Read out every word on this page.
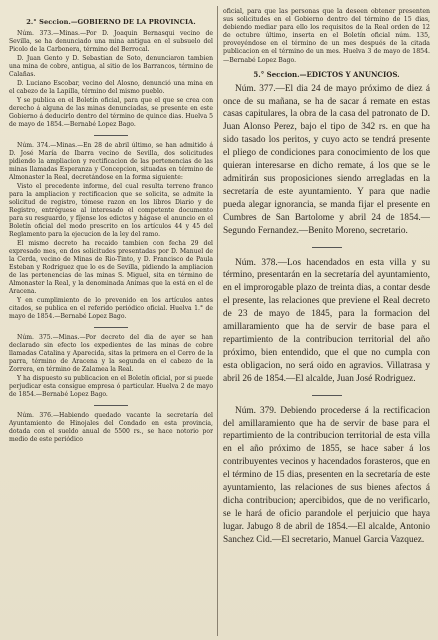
2.° Seccion.—GOBIERNO DE LA PROVINCIA.

Núm. 373.—Minas.—Por D. Joaquin Bernasqui vecino de Sevilla, se ha denunciado una mina antigua en el subsuelo del Picolo de la Carbonera, término del Berrocal.

D. Juan Gento y D. Sebastian de Soto, denunciaron tambien una mina de cobre, antigua, al sitio de los Barrancos, término de Calañas.

D. Luciano Escobar, vecino del Alosno, denunció una mina en el cabezo de la Lapilla, término del mismo pueblo.

Y se publica en el Boletín oficial, para que el que se crea con derecho á alguna de las minas denunciadas, se presente en este Gobierno á deducirlo dentro del término de quince dias. Huelva 5 de mayo de 1854.—Bernabé Lopez Bago.

Núm. 374.—Minas.—En 28 de abril último, se han admitido á D. José María de Ibarra vecino de Sevilla, dos solicitudes pidiendo la ampliacion y rectificacion de las pertenencias de las minas llamadas Esperanza y Concepcion, situadas en término de Almonaster la Real, decretándose en la forma siguiente:

Visto el precedente informe, del cual resulta terreno franco para la ampliacion y rectificacion que se solicita, se admite la solicitud de registro, tómese razon en los libros Diario y de Registro, entréguese al interesado el competente documento para su resguardo, y fíjense los edictos y hágase el anuncio en el Boletín oficial del modo prescrito en los artículos 44 y 45 del Reglamento para la ejecucion de la ley del ramo.

El mismo decreto ha recaido tambien con fecha 29 del expresado mes, en dos solicitudes presentadas por D. Manuel de la Cerda, vecino de Minas de Rio-Tinto, y D. Francisco de Paula Esteban y Rodriguez que lo es de Sevilla, pidiendo la ampliacion de las pertenencias de las minas S. Miguel, sita en término de Almonaster la Real, y la denominada Animas que la está en el de Aracena.

Y en cumplimiento de lo prevenido en los artículos antes citados, se publica en el referido periódico oficial. Huelva 1.° de mayo de 1854.—Bernabé Lopez Bago.

Núm. 375.—Minas.—Por decreto del dia de ayer se han declarado sin efecto los expedientes de las minas de cobre llamadas Catalina y Aparecida, sitas la primera en el Cerro de la parra, término de Aracena y la segunda en el cabezo de la Zorrera, en término de Zalamea la Real.

Y ha dispuesto su publicacion en el Boletín oficial, por si puede perjudicar esta consigue empresa ó particular. Huelva 2 de mayo de 1854.—Bernabé Lopez Bago.

Núm. 376.—Habiendo quedado vacante la secretaría del Ayuntamiento de Hinojales del Condado en esta provincia, dotada con el sueldo anual de 5500 rs., se hace notorio por medio de este periódico

oficial, para que las personas que la deseen obtener presenten sus solicitudes en el Gobierno dentro del término de 15 dias, debiendo mediar para ello los requisitos de la Real orden de 12 de octubre último, inserta en el Boletín oficial núm. 135, proveyéndose en el término de un mes después de la citada publicacion en el término de un mes. Huelva 3 de mayo de 1854.—Bernabé Lopez Bago.

5.° Seccion.—EDICTOS Y ANUNCIOS.

Núm. 377.—El dia 24 de mayo próximo de diez á once de su mañana, se ha de sacar á remate en estas casas capitulares, la obra de la casa del patronato de D. Juan Alonso Perez, bajo el tipo de 342 rs. en que ha sido tasado los peritos, y cuyo acto se tendrá presente el pliego de condiciones para conocimiento de los que quieran interesarse en dicho remate, á los que se le admitirán sus proposiciones siendo arregladas en la secretaría de este ayuntamiento. Y para que nadie pueda alegar ignorancia, se manda fijar el presente en Cumbres de San Bartolome y abril 24 de 1854.—Segundo Fernandez.—Benito Moreno, secretario.

Núm. 378.—Los hacendados en esta villa y su término, presentarán en la secretaría del ayuntamiento, en el improrogable plazo de treinta dias, a contar desde el presente, las relaciones que previene el Real decreto de 23 de mayo de 1845, para la formacion del amillaramiento que ha de servir de base para el repartimiento de la contribucion territorial del año próximo, bien entendido, que el que no cumpla con esta obligacion, no será oido en agravios. Villatrasa y abril 26 de 1854.—El alcalde, Juan José Rodriguez.

Núm. 379. Debiendo procederse á la rectificacion del amillaramiento que ha de servir de base para el repartimiento de la contribucion territorial de esta villa en el año próximo de 1855, se hace saber á los contribuyentes vecinos y hacendados forasteros, que en el término de 15 dias, presenten en la secretaría de este ayuntamiento, las relaciones de sus bienes afectos á dicha contribucion; apercibidos, que de no verificarlo, se le hará de oficio parandole el perjuicio que haya lugar. Jabugo 8 de abril de 1854.—El alcalde, Antonio Sanchez Cid.—El secretario, Manuel Garcia Vazquez.
